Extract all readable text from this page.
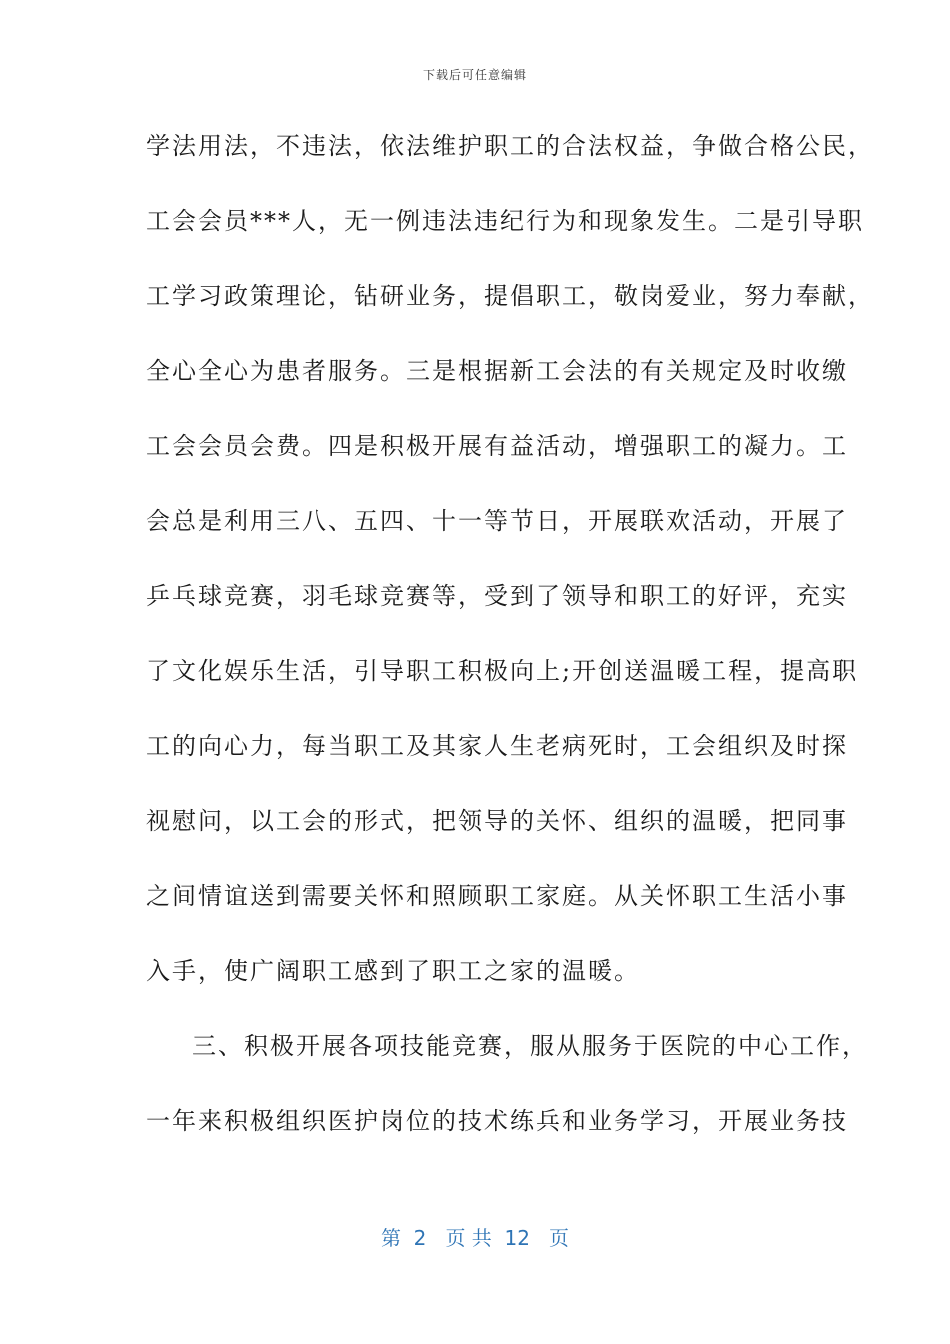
下载后可任意编辑
学法用法，不违法，依法维护职工的合法权益，争做合格公民，
工会会员***人，无一例违法违纪行为和现象发生。二是引导职
工学习政策理论，钻研业务，提倡职工，敬岗爱业，努力奉献，
全心全心为患者服务。三是根据新工会法的有关规定及时收缴
工会会员会费。四是积极开展有益活动，增强职工的凝力。工
会总是利用三八、五四、十一等节日，开展联欢活动，开展了
乒乓球竞赛，羽毛球竞赛等，受到了领导和职工的好评，充实
了文化娱乐生活，引导职工积极向上;开创送温暖工程，提高职
工的向心力，每当职工及其家人生老病死时，工会组织及时探
视慰问，以工会的形式，把领导的关怀、组织的温暖，把同事
之间情谊送到需要关怀和照顾职工家庭。从关怀职工生活小事
入手，使广阔职工感到了职工之家的温暖。
三、积极开展各项技能竞赛，服从服务于医院的中心工作，
一年来积极组织医护岗位的技术练兵和业务学习，开展业务技
第  2   页 共  12   页
